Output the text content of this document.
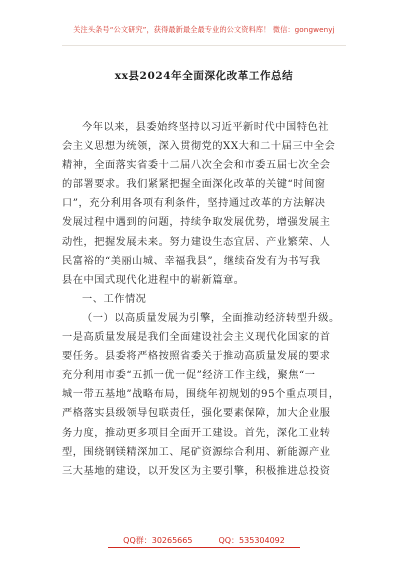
关注头条号“公文研究”，获得最新最全最专业的公文资料库！ 微信：gongwenyj
xx县2024年全面深化改革工作总结
今年以来，县委始终坚持以习近平新时代中国特色社
会主义思想为统领，深入贯彻党的XX大和二十届三中全会
精神，全面落实省委十二届八次全会和市委五届七次全会
的部署要求。我们紧紧把握全面深化改革的关键“时间窗
口”，充分利用各项有利条件，坚持通过改革的方法解决
发展过程中遇到的问题，持续争取发展优势，增强发展主
动性，把握发展未来。努力建设生态宜居、产业繁荣、人
民富裕的“美丽山城、幸福我县”，继续奋发有为书写我
县在中国式现代化进程中的崭新篇章。
一、工作情况
（一）以高质量发展为引擎，全面推动经济转型升级。
一是高质量发展是我们全面建设社会主义现代化国家的首
要任务。县委将严格按照省委关于推动高质量发展的要求
充分利用市委“五抓一优一促”经济工作主线，聚焦“一
城一带五基地”战略布局，围绕年初规划的95个重点项目，
严格落实县级领导包联责任，强化要素保障，加大企业服
务力度，推动更多项目全面开工建设。首先，深化工业转
型，围绕钢镁精深加工、尾矿资源综合利用、新能源产业
三大基地的建设，以开发区为主要引擎，积极推进总投资
QQ群：30265665	QQ：535304092
